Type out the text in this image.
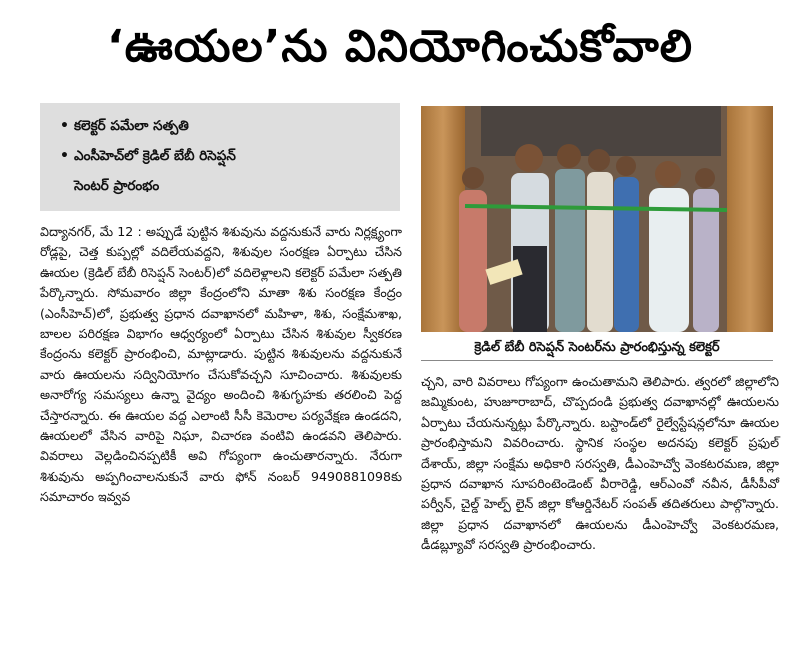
‘ఊయల’ను వినియోగించుకోవాలి
• కలెక్టర్ పమేలా సత్పతి
• ఎంసీహెచ్‌లో క్రెడిల్ బేబీ రిసెప్షన్
సెంటర్ ప్రారంభం
క్రెడిల్ బేబీ రిసెప్షన్ సెంటర్‌ను ప్రారంభిస్తున్న కలెక్టర్

విద్యానగర్, మే 12 : అప్పుడే పుట్టిన శిశువును వద్దనుకునే వారు నిర్లక్ష్యంగా రోడ్లపై, చెత్త కుప్పల్లో వదిలేయవద్దని, శిశువుల సంరక్షణ ఏర్పాటు చేసిన ఊయల (క్రెడిల్ బేబీ రిసెప్షన్ సెంటర్)లో వదిలెళ్లాలని కలెక్టర్ పమేలా సత్పతి పేర్కొన్నారు. సోమవారం జిల్లా కేంద్రంలోని మాతా శిశు సంరక్షణ కేంద్రం (ఎంసీహెచ్)లో, ప్రభుత్వ ప్రధాన దవాఖానలో మహిళా, శిశు, సంక్షేమశాఖ, బాలల పరిరక్షణ విభాగం ఆధ్వర్యంలో ఏర్పాటు చేసిన శిశువుల స్వీకరణ కేంద్రంను కలెక్టర్ ప్రారంభించి, మాట్లాడారు. పుట్టిన శిశువులను వద్దనుకునే వారు ఊయలను సద్వినియోగం చేసుకోవచ్చని సూచించారు. శిశువులకు అనారోగ్య సమస్యలు ఉన్నా వైద్యం అందించి శిశుగృహకు తరలించి పెద్ద చేస్తారన్నారు. ఈ ఊయల వద్ద ఎలాంటి సీసీ కెమెరాల పర్యవేక్షణ ఉండదని, ఊయలలో వేసిన వారిపై నిఘా, విచారణ వంటివి ఉండవని తెలిపారు. వివరాలు వెల్లడించినప్పటికీ అవి గోప్యంగా ఉంచుతారన్నారు. నేరుగా శిశువును అప్పగించాలనుకునే వారు ఫోన్ నంబర్ 9490881098కు సమాచారం ఇవ్వవ

చ్చని, వారి వివరాలు గోప్యంగా ఉంచుతామని తెలిపారు. త్వరలో జిల్లాలోని జమ్మికుంట, హుజూరాబాద్, చొప్పదండి ప్రభుత్వ దవాఖానల్లో ఊయలను ఏర్పాటు చేయనున్నట్లు పేర్కొన్నారు. బస్టాండ్‌లో రైల్వేస్టేషన్లలోనూ ఊయల ప్రారంభిస్తామని వివరించారు. స్థానిక సంస్థల అదనపు కలెక్టర్ ప్రఫుల్ దేశాయ్, జిల్లా సంక్షేమ అధికారి సరస్వతి, డీఎంహెచ్వో వెంకటరమణ, జిల్లా ప్రధాన దవాఖాన సూపరింటెండెంట్ వీరారెడ్డి, ఆర్ఎంవో నవీన, డీసీపీవో పర్వీన్, చైల్డ్ హెల్ప్ లైన్ జిల్లా కోఆర్డినేటర్ సంపత్ తదితరులు పాల్గొన్నారు. జిల్లా ప్రధాన దవాఖానలో ఊయలను డీఎంహెచ్వో వెంకటరమణ, డీడబ్ల్యూవో సరస్వతి ప్రారంభించారు.
